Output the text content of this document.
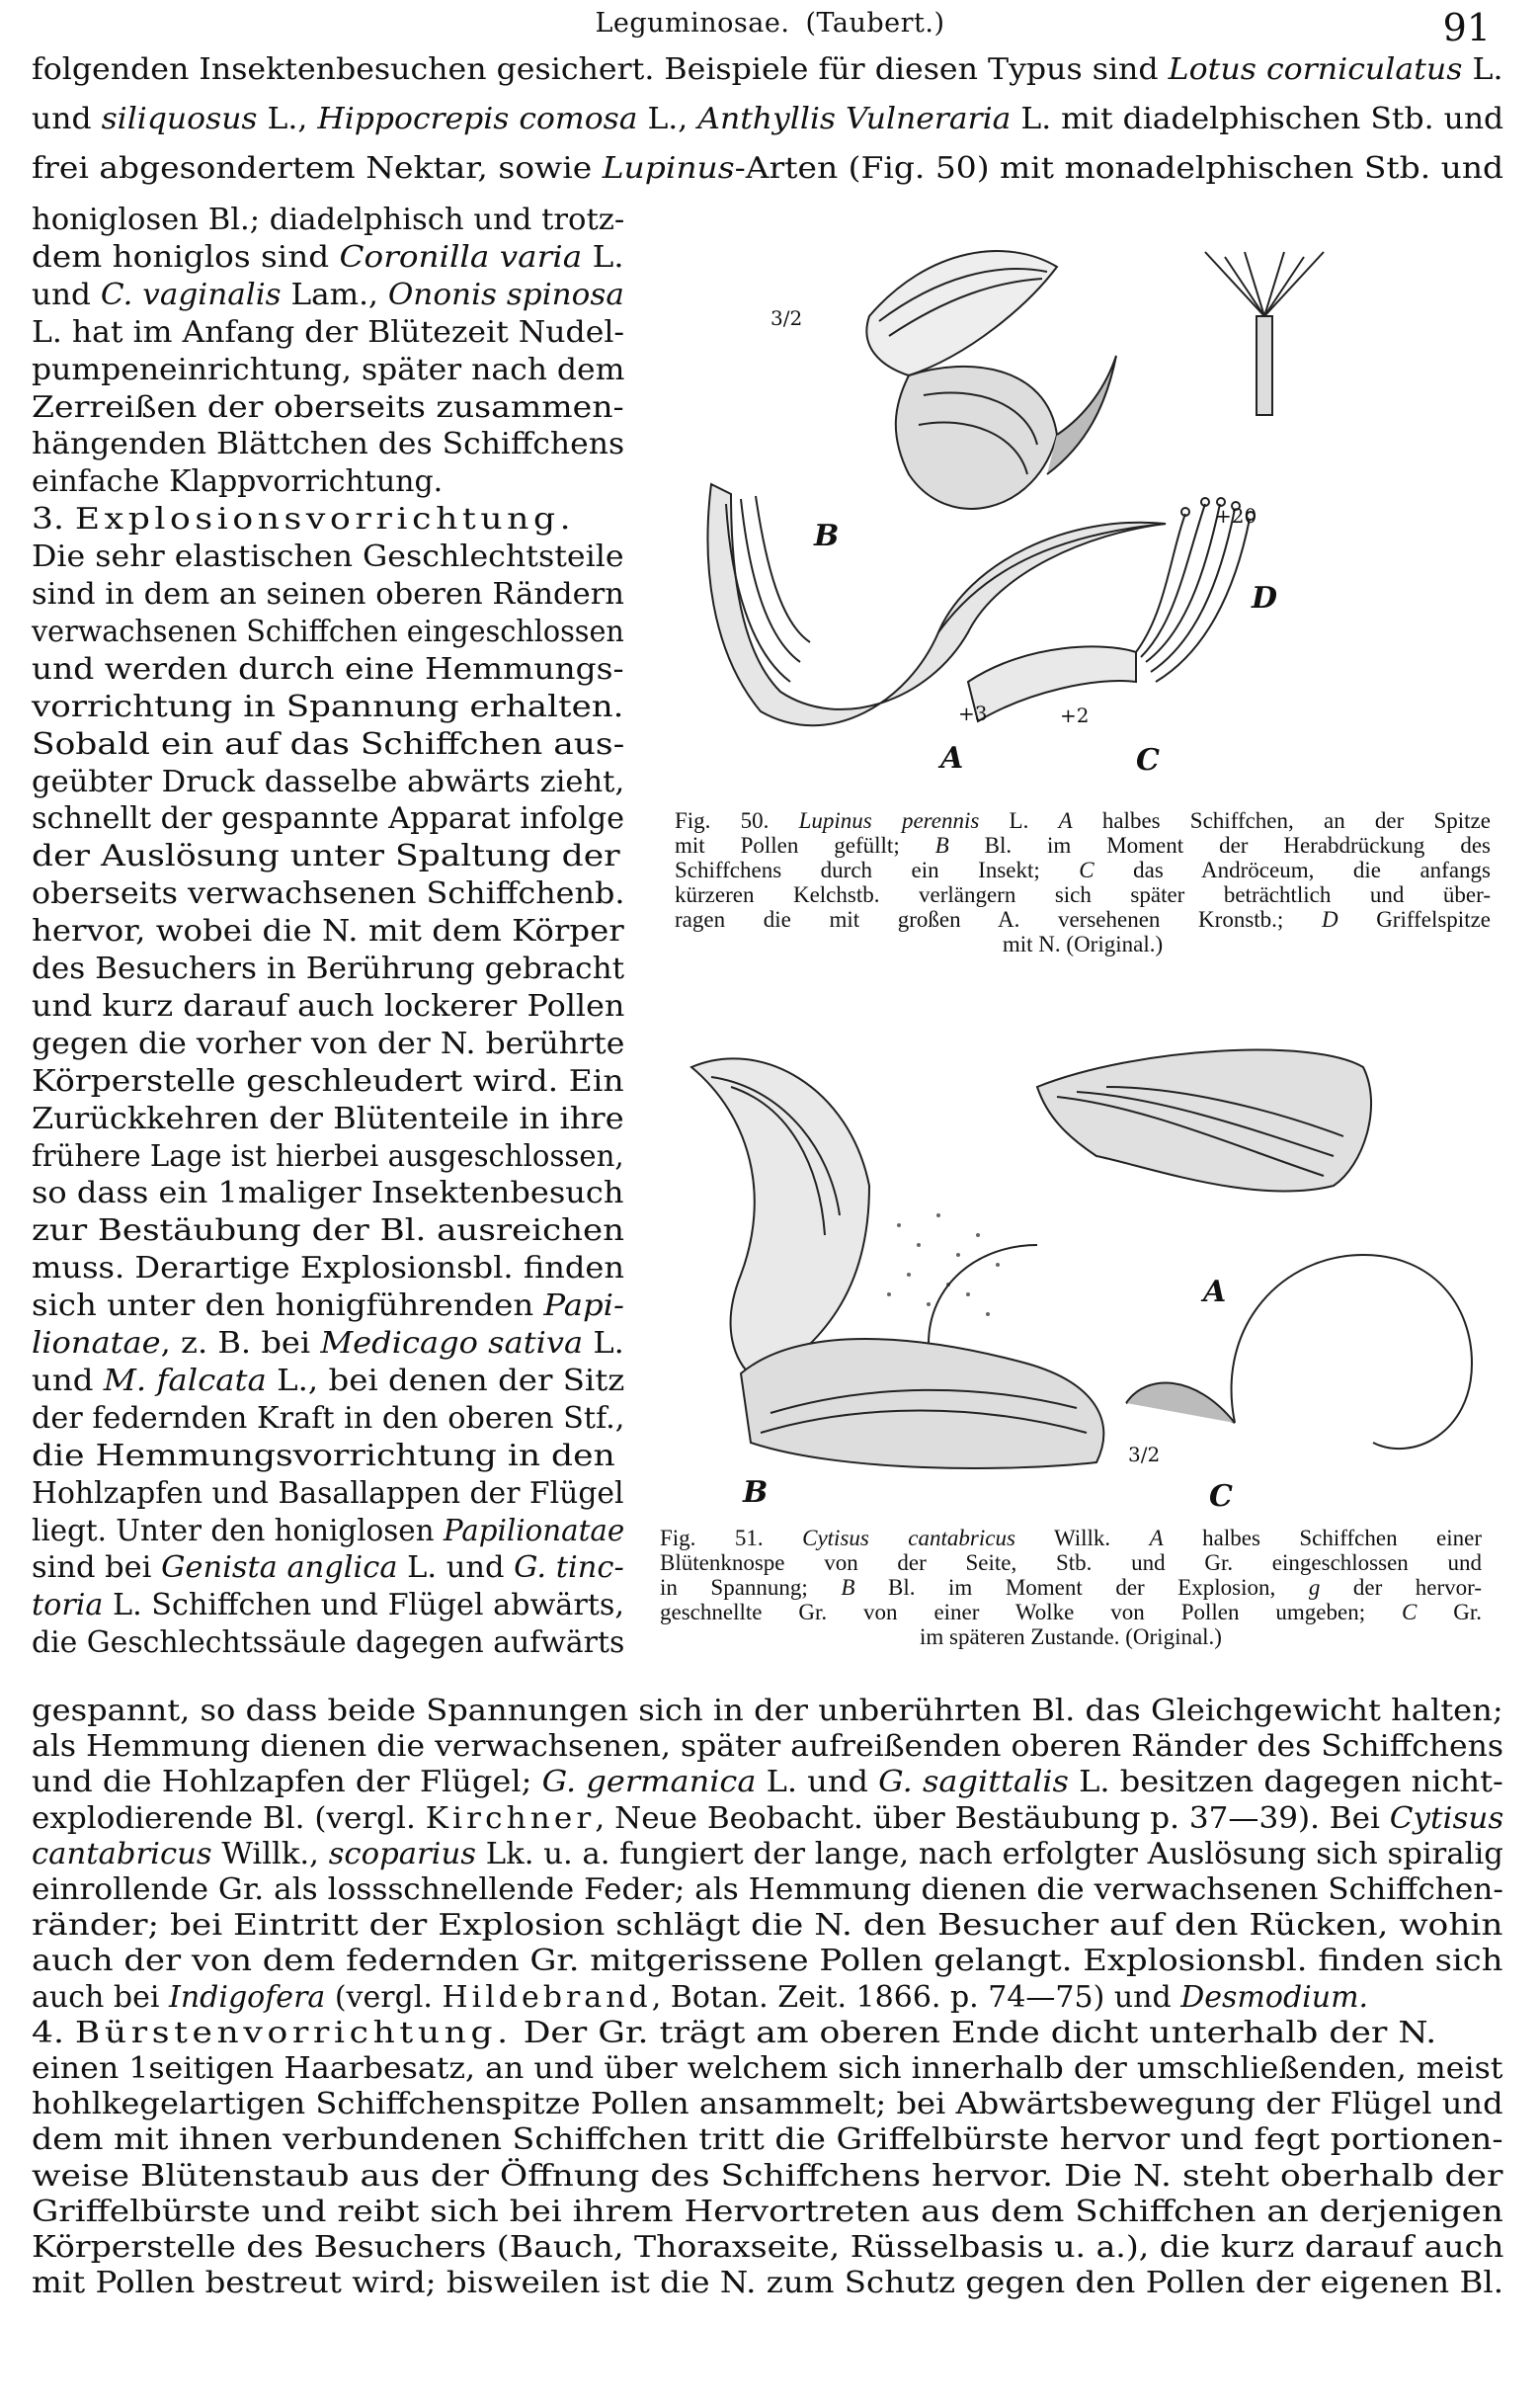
Leguminosae. (Taubert.)	91
folgenden Insektenbesuchen gesichert. Beispiele für diesen Typus sind Lotus corniculatus L.
und siliquosus L., Hippocrepis comosa L., Anthyllis Vulneraria L. mit diadelphischen Stb. und
frei abgesondertem Nektar, sowie Lupinus-Arten (Fig. 50) mit monadelphischen Stb. und
honiglosen Bl.; diadelphisch und trotz-
dem honiglos sind Coronilla varia L.
und C. vaginalis Lam., Ononis spinosa
L. hat im Anfang der Blütezeit Nudel-
pumpeneinrichtung, später nach dem
Zerreißen der oberseits zusammen-
hängenden Blättchen des Schiffchens
einfache Klappvorrichtung.
3. Explosionsvorrichtung.
Die sehr elastischen Geschlechtsteile
sind in dem an seinen oberen Rändern
verwachsenen Schiffchen eingeschlossen
und werden durch eine Hemmungs-
vorrichtung in Spannung erhalten.
Sobald ein auf das Schiffchen aus-
geübter Druck dasselbe abwärts zieht,
schnellt der gespannte Apparat infolge
der Auslösung unter Spaltung der
oberseits verwachsenen Schiffchenb.
hervor, wobei die N. mit dem Körper
des Besuchers in Berührung gebracht
und kurz darauf auch lockerer Pollen
gegen die vorher von der N. berührte
Körperstelle geschleudert wird. Ein
Zurückkehren der Blütenteile in ihre
frühere Lage ist hierbei ausgeschlossen,
so dass ein 1maliger Insektenbesuch
zur Bestäubung der Bl. ausreichen
muss. Derartige Explosionsbl. finden
sich unter den honigführenden Papi-
lionatae, z. B. bei Medicago sativa L.
und M. falcata L., bei denen der Sitz
der federnden Kraft in den oberen Stf.,
die Hemmungsvorrichtung in den
Hohlzapfen und Basallappen der Flügel
liegt. Unter den honiglosen Papilionatae
sind bei Genista anglica L. und G. tinc-
toria L. Schiffchen und Flügel abwärts,
die Geschlechtssäule dagegen aufwärts
gespannt, so dass beide Spannungen sich in der unberührten Bl. das Gleichgewicht halten;
als Hemmung dienen die verwachsenen, später aufreißenden oberen Ränder des Schiffchens
und die Hohlzapfen der Flügel; G. germanica L. und G. sagittalis L. besitzen dagegen nicht-
explodierende Bl. (vergl. Kirchner, Neue Beobacht. über Bestäubung p. 37—39). Bei Cytisus
cantabricus Willk., scoparius Lk. u. a. fungiert der lange, nach erfolgter Auslösung sich spiralig
einrollende Gr. als lossschnellende Feder; als Hemmung dienen die verwachsenen Schiffchen-
ränder; bei Eintritt der Explosion schlägt die N. den Besucher auf den Rücken, wohin
auch der von dem federnden Gr. mitgerissene Pollen gelangt. Explosionsbl. finden sich
auch bei Indigofera (vergl. Hildebrand, Botan. Zeit. 1866. p. 74—75) und Desmodium.
4. Bürstenvorrichtung. Der Gr. trägt am oberen Ende dicht unterhalb der N.
einen 1seitigen Haarbesatz, an und über welchem sich innerhalb der umschließenden, meist
hohlkegelartigen Schiffchenspitze Pollen ansammelt; bei Abwärtsbewegung der Flügel und
dem mit ihnen verbundenen Schiffchen tritt die Griffelbürste hervor und fegt portionen-
weise Blütenstaub aus der Öffnung des Schiffchens hervor. Die N. steht oberhalb der
Griffelbürste und reibt sich bei ihrem Hervortreten aus dem Schiffchen an derjenigen
Körperstelle des Besuchers (Bauch, Thoraxseite, Rüsselbasis u. a.), die kurz darauf auch
mit Pollen bestreut wird; bisweilen ist die N. zum Schutz gegen den Pollen der eigenen Bl.
3/2
B
+20
D
+3	+2
A	C
Fig. 50. Lupinus perennis L. A halbes Schiffchen, an der Spitze
mit Pollen gefüllt; B Bl. im Moment der Herabdrückung des
Schiffchens durch ein Insekt; C das Andröceum, die anfangs
kürzeren Kelchstb. verlängern sich später beträchtlich und über-
ragen die mit großen A. versehenen Kronstb.; D Griffelspitze
mit N. (Original.)
A
3/2
B	C
Fig. 51. Cytisus cantabricus Willk. A halbes Schiffchen einer
Blütenknospe von der Seite, Stb. und Gr. eingeschlossen und
in Spannung; B Bl. im Moment der Explosion, g der hervor-
geschnellte Gr. von einer Wolke von Pollen umgeben; C Gr.
im späteren Zustande. (Original.)
